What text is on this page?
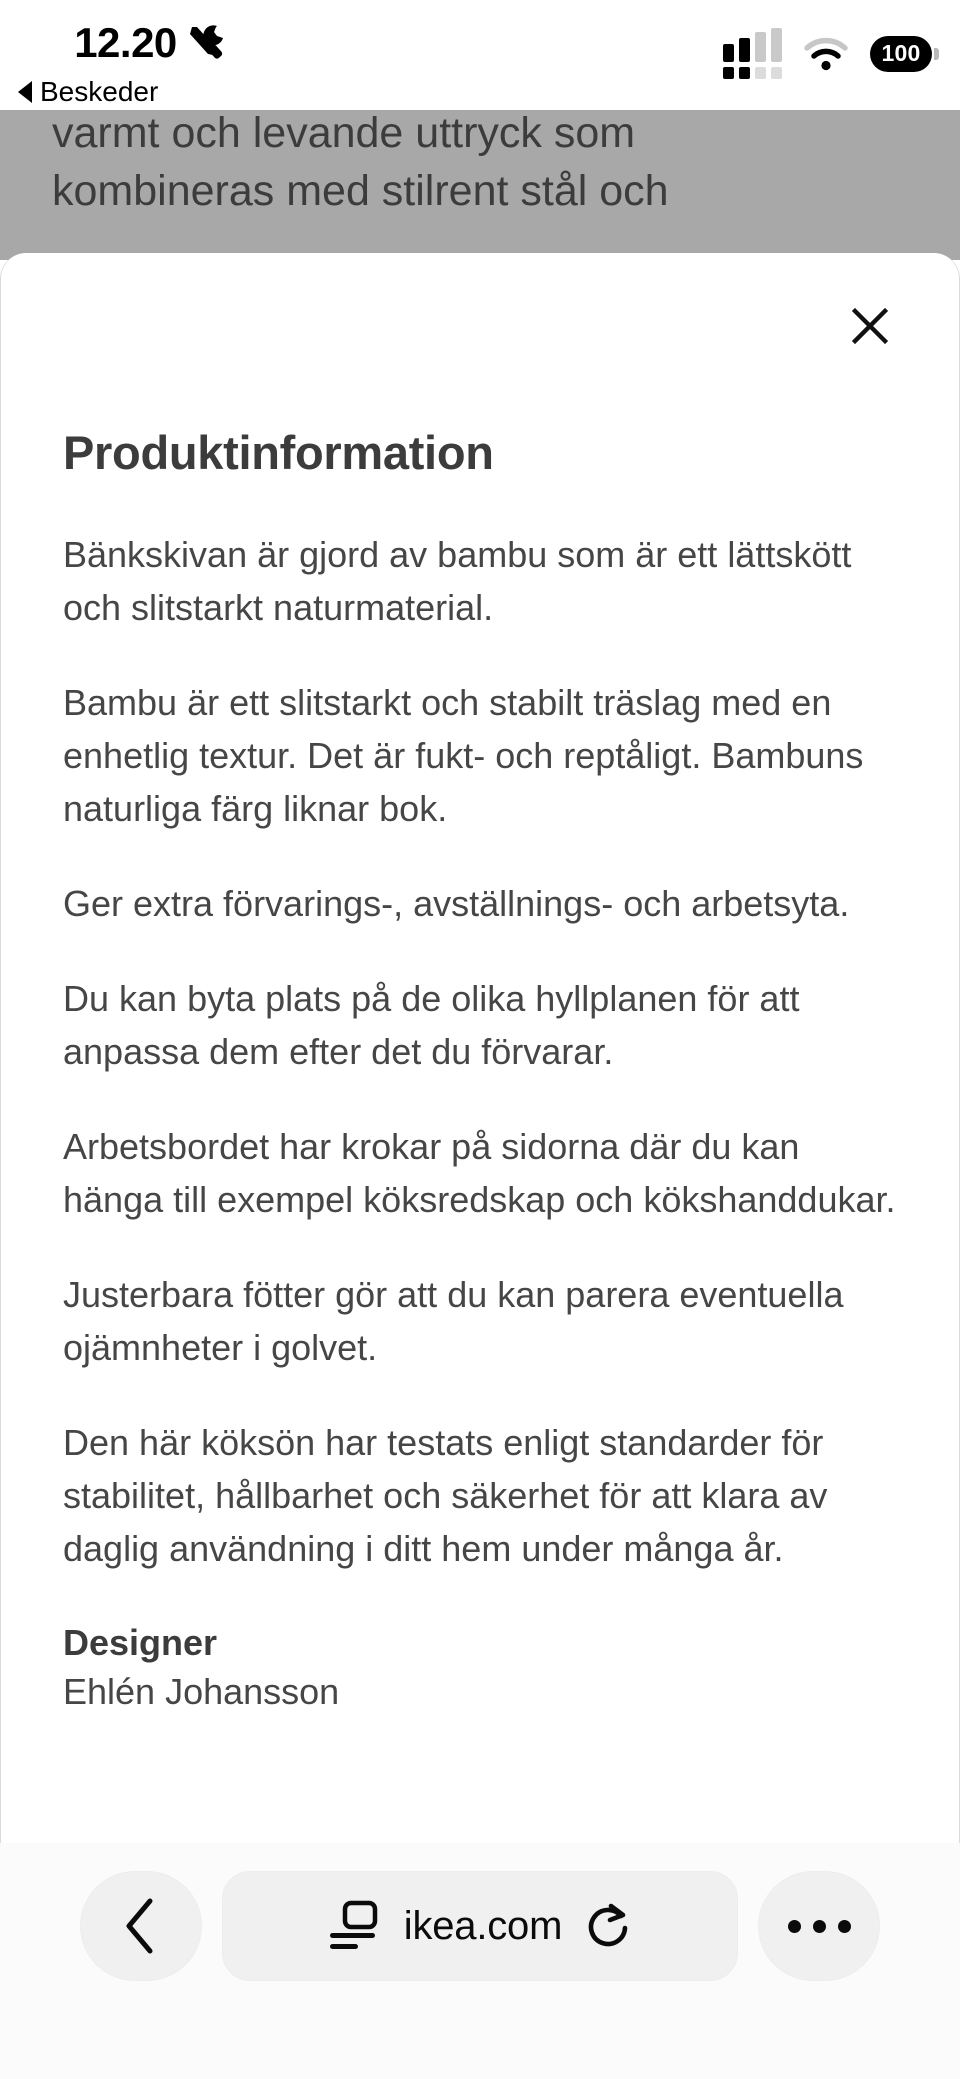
12.20
Beskeder
100

varmt och levande uttryck som

kombineras med stilrent stål och

Produktinformation

Bänkskivan är gjord av bambu som är ett lättskött och slitstarkt naturmaterial.

Bambu är ett slitstarkt och stabilt träslag med en enhetlig textur. Det är fukt- och reptåligt. Bambuns naturliga färg liknar bok.

Ger extra förvarings-, avställnings- och arbetsyta.

Du kan byta plats på de olika hyllplanen för att anpassa dem efter det du förvarar.

Arbetsbordet har krokar på sidorna där du kan hänga till exempel köksredskap och kökshanddukar.

Justerbara fötter gör att du kan parera eventuella ojämnheter i golvet.

Den här köksön har testats enligt standarder för stabilitet, hållbarhet och säkerhet för att klara av daglig användning i ditt hem under många år.

Designer
Ehlén Johansson
ikea.com
